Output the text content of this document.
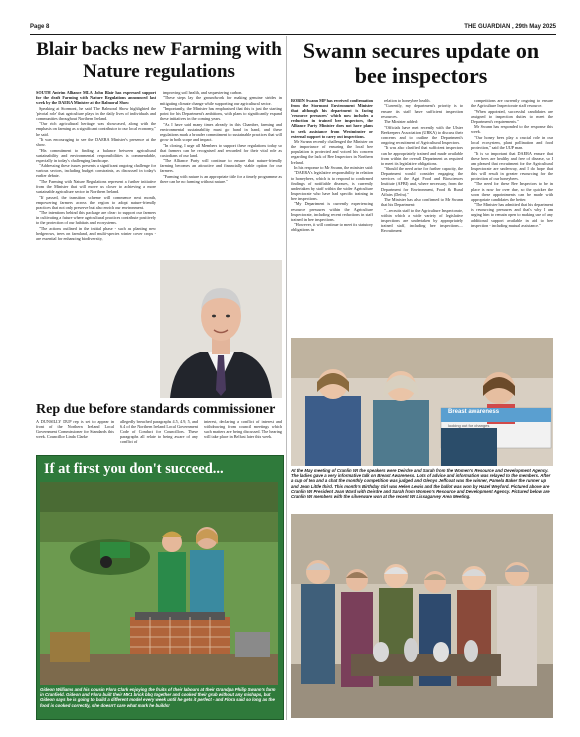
Page 8	THE GUARDIAN , 29th May 2025
Blair backs new Farming with Nature regulations

SOUTH Antrim Alliance MLA John Blair has expressed support for the draft Farming with Nature Regulations announced last week by the DAERA Minister at the Balmoral Show

Speaking at Stormont, he said The Balmoral Show highlighted the 'pivotal role' that agriculture plays in the daily lives of individuals and communities throughout Northern Ireland.

"Our rich agricultural heritage was showcased, along with the emphasis on farming as a significant contributor to our local economy," he said.

"It was encouraging to see the DAERA Minister's presence at the show.

"His commitment to finding a balance between agricultural sustainability and environmental responsibilities is commendable, especially in today's challenging landscape.

"Addressing these issues presents a significant ongoing challenge for various sectors, including budget constraints, as discussed in today's earlier debate.

"The Farming with Nature Regulations represent a further initiative from the Minister that will move us closer to achieving a more sustainable agriculture sector in Northern Ireland.

"If passed, the transition scheme will commence next month, empowering farmers across the region to adopt nature-friendly practices that not only preserve but also enrich our environment.

"The intentions behind this package are clear: to support our farmers in cultivating a future where agricultural practices contribute positively to the protection of our habitats and ecosystems.

"The actions outlined in the initial phase - such as planting new hedgerows, trees on farmland, and multi-species winter cover crops - are essential for enhancing biodiversity,

improving soil health, and sequestering carbon.

"These steps lay the groundwork for making genuine strides in mitigating climate change while supporting our agricultural sector.

"Importantly, the Minister has emphasised that this is just the starting point for his Department's ambitions, with plans to significantly expand these initiatives in the coming years.

"As I have said many times already in this Chamber, farming and environmental sustainability must go hand in hand, and these regulations mark a broader commitment to sustainable practices that will grow in both scope and impact.

"In closing, I urge all Members to support these regulations today so that farmers can be recognised and rewarded for their vital role as custodians of our land.

"The Alliance Party will continue to ensure that nature-friendly farming becomes an attractive and financially viable option for our farmers.

"Farming with nature is an appropriate title for a timely programme as there can be no farming without nature."

Rep due before standards commissioner
A DUNSILLY DUP rep is set to appear in front of the Northern Ireland Local Government Commissioner for Standards this week. Councillor Linda Clarke
allegedly breached paragraphs 4.5, 4.9, 5, and 6.4 of the Northern Ireland Local Government Code of Conduct for Councillors. These paragraphs all relate to being aware of any conflict of
interest, declaring a conflict of interest and withdrawing from council meetings which such matters are being discussed. The hearing will take place in Belfast later this week.
If at first you don't succeed...
Gideon Williams and his cousin Flora Clark enjoying the fruits of their labours at their Grandpa Philip Swann's farm in Cranfield. Gideon and Flora built their MK1 brick bbq together and cooked their grub without any mishaps, but Gideon says he is going to build a different model every week until he gets it perfect - and Flora said so long as the food is cooked correctly, she doesn't care what mark he builds!
Swann secures update on bee inspectors

ROBIN Swann MP has received confirmation from the Stormont Environment Minister that although his department is facing 'resource pressures' which now includes a reduction in trained bee inspectors, the Alliance Party Minister does not have plans to seek assistance from Westminster or external support to carry out inspections.

Mr Swann recently challenged the Minister on the importance of ensuring the local bee population is protected and voiced his concern regarding the lack of Bee Inspectors in Northern Ireland.

In his response to Mr Swann, the minister said:

"DAERA's legislative responsibility in relation to honeybees, which is to respond to confirmed findings of notifiable diseases, is currently undertaken by staff within the wider Agriculture Inspectorate who have had specific training in bee inspections.

"My Department is currently experiencing resource pressures within the Agriculture Inspectorate, including recent reductions in staff trained in bee inspections.

"However, it will continue to meet its statutory obligations in

relation to honeybee health.

"Currently, my department's priority is to ensure its staff have sufficient inspection resources.

The Minister added:

"Officials have met recently with the Ulster Beekeepers Association (UBKA) to discuss their concerns and to outline the Department's ongoing recruitment of Agricultural Inspectors.

"It was also clarified that sufficient inspectors can be appropriately trained and made available from within the overall Department as required to meet its legislative obligations.

"Should the need arise for further capacity, the Department would consider engaging the services of the Agri Food and Biosciences Institute (AFBI) and, where necessary, from the Department for Environment, Food & Rural Affairs (Defra)."

The Minister has also confirmed to Mr Swann that his Department:

"...recruits staff to the Agriculture Inspectorate, within which a wide variety of legislative inspections are undertaken by appropriately trained staff, including bee inspections.... Recruitment

competitions are currently ongoing to ensure the Agriculture Inspectorate staff resource.

"When appointed, successful candidates are assigned to inspection duties to meet the Department's requirements."

Mr Swann has responded to the response this week.

"Our honey bees play a crucial role in our local ecosystem, plant pollination and food protection," said the UUP man.

"It is so important that DAERA ensure that these bees are healthy and free of disease, so I am pleased that recruitment for the Agricultural Inspectorate are underway, and I do hope that this will result in greater resourcing for the protection of our honeybees.

"The need for these Bee Inspectors to be in place is now for over due, so the quicker the soon these appointments can be made with appropriate candidates the better.

"The Minister has admitted that his department is resourcing pressures and that's why I am urging him to remain open to making use of any additional support available in aid to bee inspection - including mutual assistance."

Breast awareness
looking out for changes
At the May meeting of Cranlin WI the speakers were Deirdre and Sarah from the Women's Resource and Development Agency. The ladies gave a very informative talk on Breast Awareness. Lots of advice and information was relayed to the members. After a cup of tea and a chat the monthly competition was judged and Glenys Jeffcoat was the winner, Pamela Baker the runner up and Jean Little third. This month's Birthday Girl was Helen Lewis and the ballot was won by Hazel Weyford. Pictured above are Cranlin WI President Joan Ward with Deirdre and Sarah from Women's Resource and Development Agency. Pictured below are Cranlin WI members with the silverware won at the recent WI Lissagarvey Area Meeting.
